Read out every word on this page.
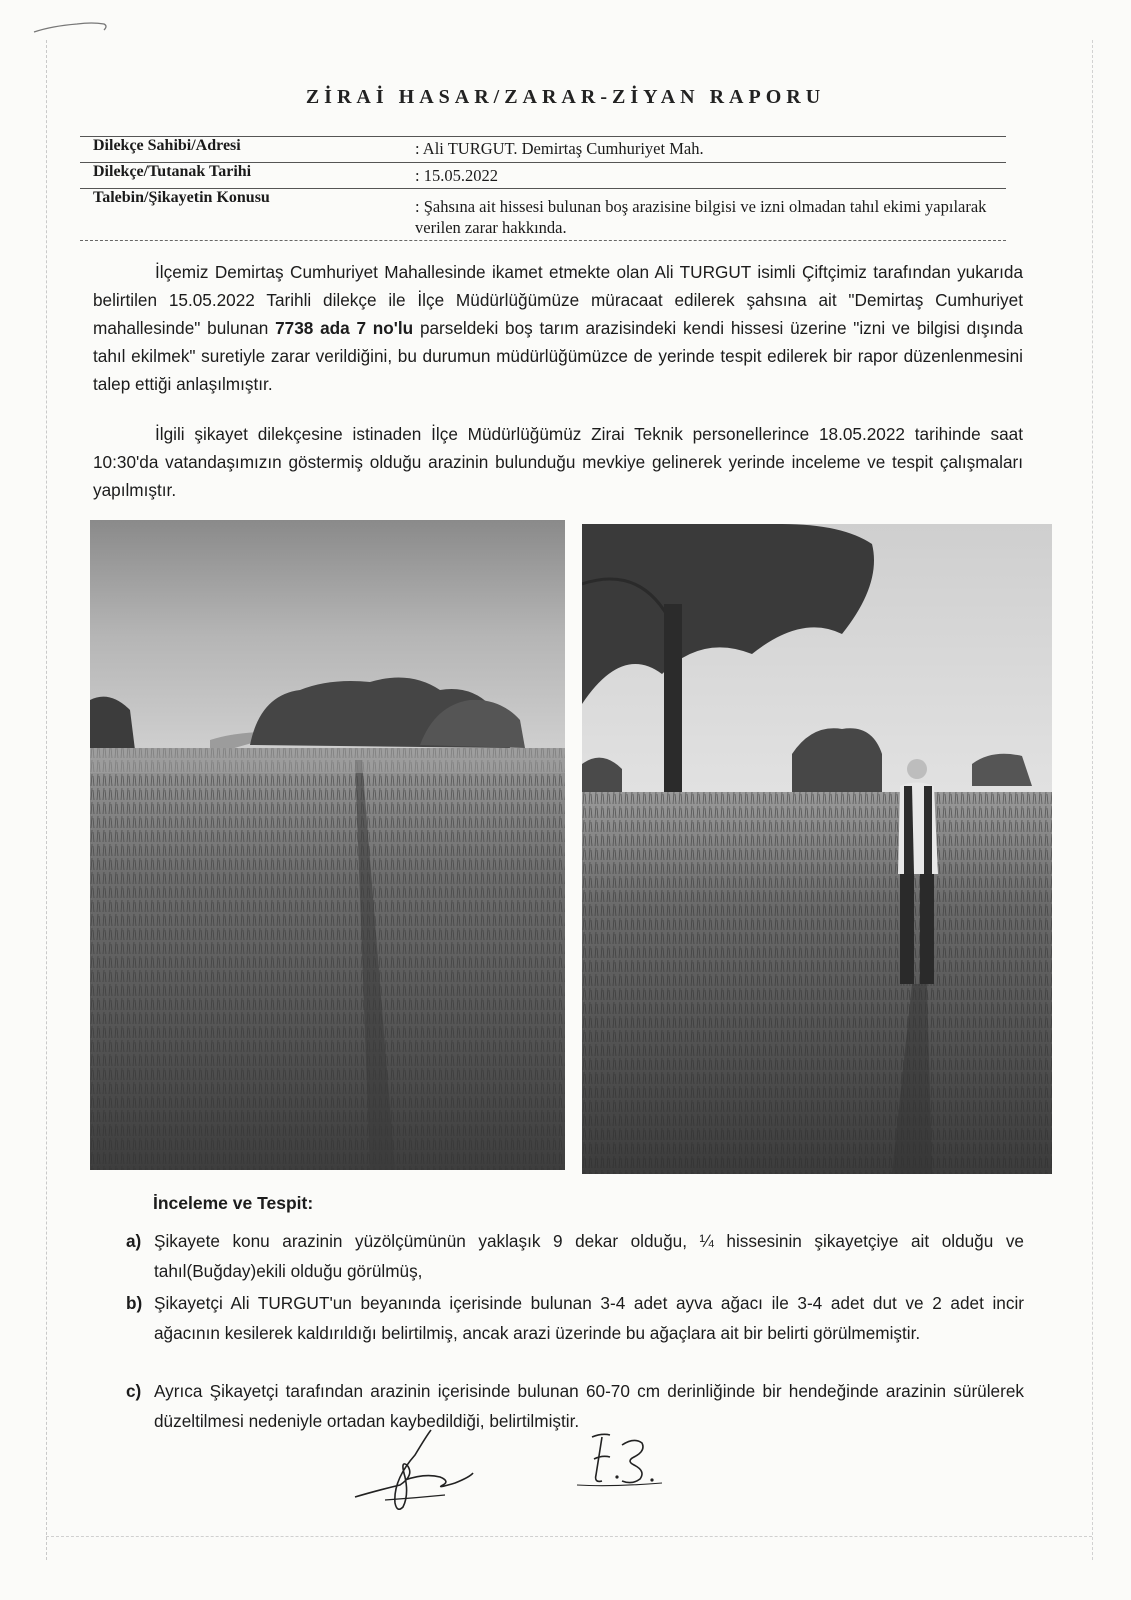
ZİRAİ HASAR/ZARAR-ZİYAN RAPORU
Dilekçe Sahibi/Adresi	: Ali TURGUT. Demirtaş Cumhuriyet Mah.
Dilekçe/Tutanak Tarihi	: 15.05.2022
Talebin/Şikayetin Konusu	: Şahsına ait hissesi bulunan boş arazisine bilgisi ve izni olmadan tahıl ekimi yapılarak verilen zarar hakkında.

İlçemiz Demirtaş Cumhuriyet Mahallesinde ikamet etmekte olan Ali TURGUT isimli Çiftçimiz tarafından yukarıda belirtilen 15.05.2022 Tarihli dilekçe ile İlçe Müdürlüğümüze müracaat edilerek şahsına ait "Demirtaş Cumhuriyet mahallesinde" bulunan 7738 ada 7 no'lu parseldeki boş tarım arazisindeki kendi hissesi üzerine "izni ve bilgisi dışında tahıl ekilmek" suretiyle zarar verildiğini, bu durumun müdürlüğümüzce de yerinde tespit edilerek bir rapor düzenlenmesini talep ettiği anlaşılmıştır.

İlgili şikayet dilekçesine istinaden İlçe Müdürlüğümüz Zirai Teknik personellerince 18.05.2022 tarihinde saat 10:30'da vatandaşımızın göstermiş olduğu arazinin bulunduğu mevkiye gelinerek yerinde inceleme ve tespit çalışmaları yapılmıştır.

İnceleme ve Tespit:
a) Şikayete konu arazinin yüzölçümünün yaklaşık 9 dekar olduğu, ¼ hissesinin şikayetçiye ait olduğu ve tahıl(Buğday)ekili olduğu görülmüş,
b) Şikayetçi Ali TURGUT'un beyanında içerisinde bulunan 3-4 adet ayva ağacı ile 3-4 adet dut ve 2 adet incir ağacının kesilerek kaldırıldığı belirtilmiş, ancak arazi üzerinde bu ağaçlara ait bir belirti görülmemiştir.
c) Ayrıca Şikayetçi tarafından arazinin içerisinde bulunan 60-70 cm derinliğinde bir hendeğinde arazinin sürülerek düzeltilmesi nedeniyle ortadan kaybedildiği, belirtilmiştir.
